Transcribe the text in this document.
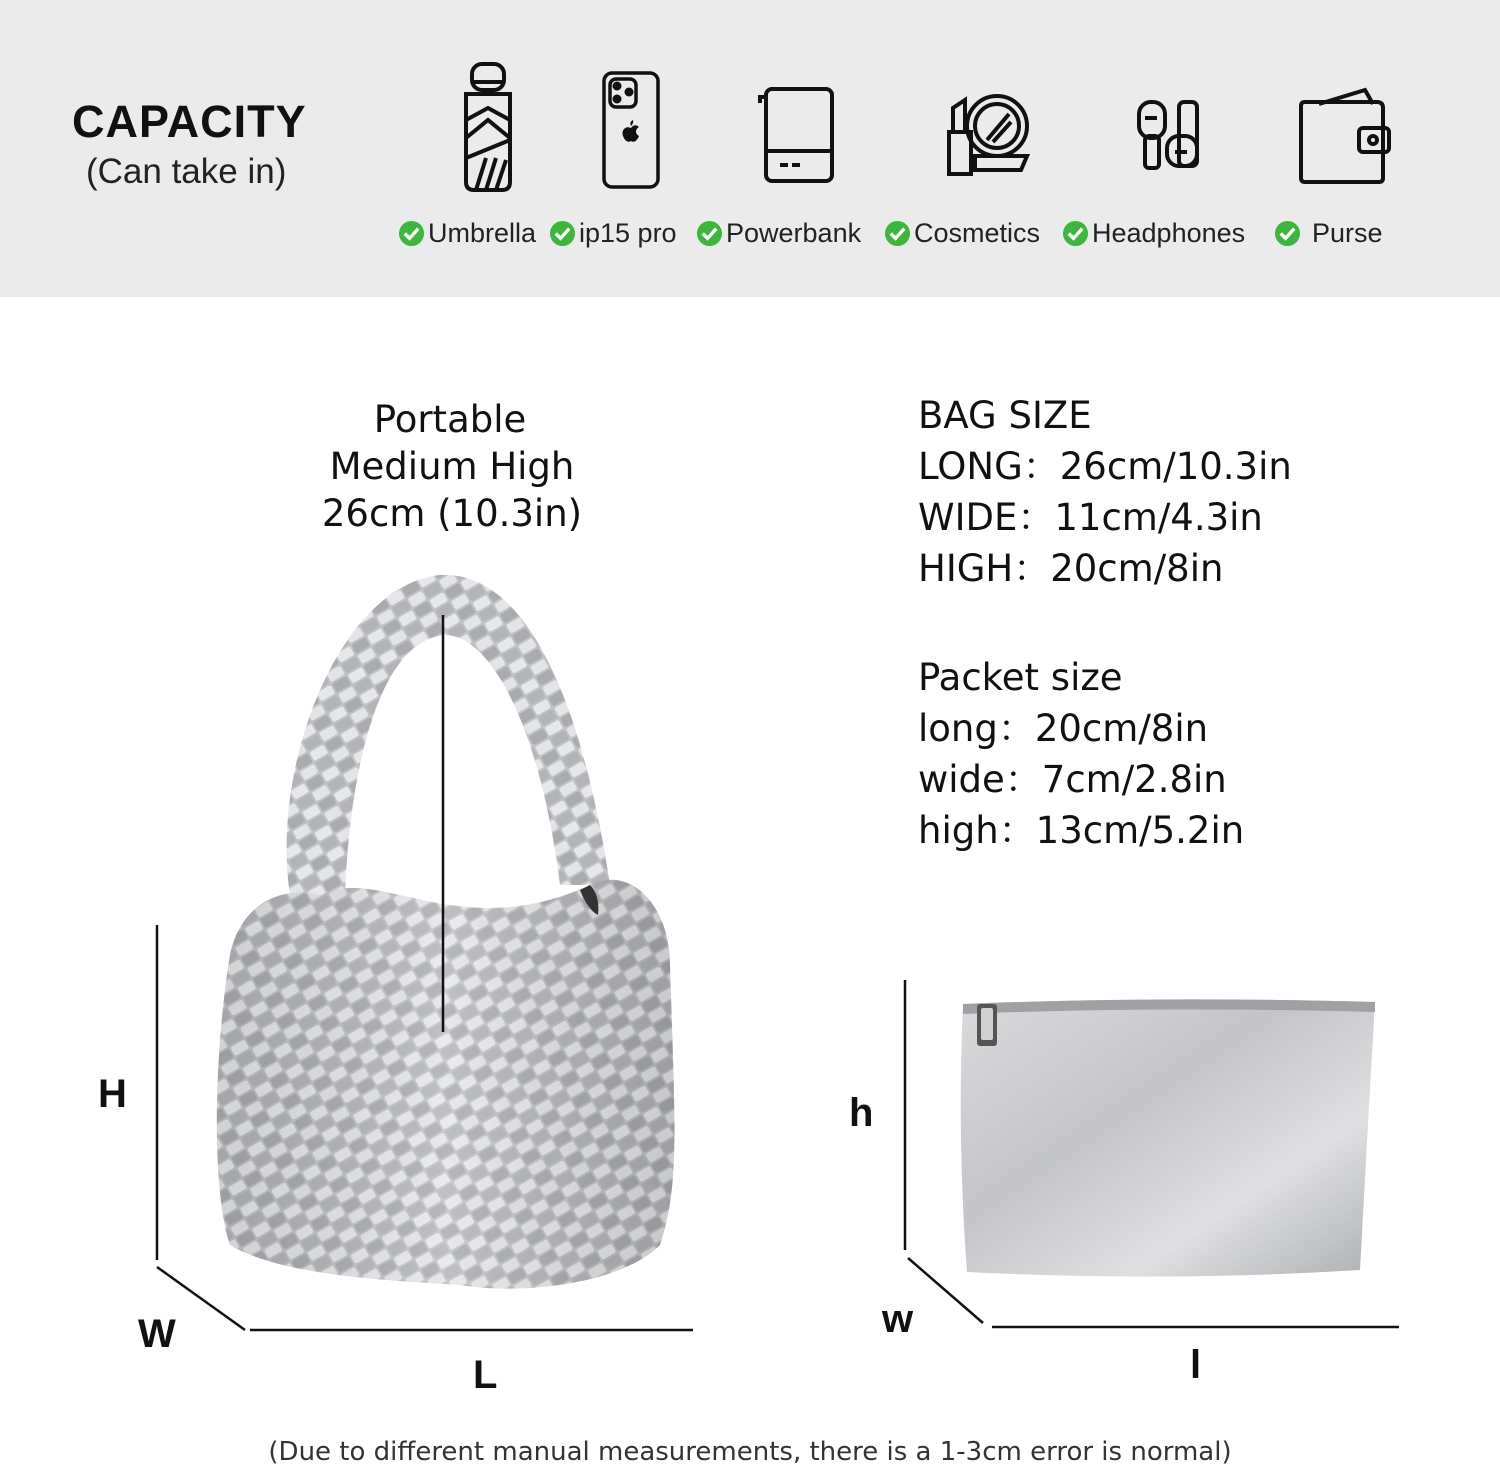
CAPACITY
(Can take in)
Umbrella ip15 pro Powerbank Cosmetics Headphones Purse
Portable
Medium High
26cm (10.3in)
BAG SIZE
LONG：26cm/10.3in
WIDE：11cm/4.3in
HIGH：20cm/8in
Packet size
long：20cm/8in
wide：7cm/2.8in
high：13cm/5.2in
H
W
L
h
w
l
(Due to different manual measurements, there is a 1-3cm error is normal)
